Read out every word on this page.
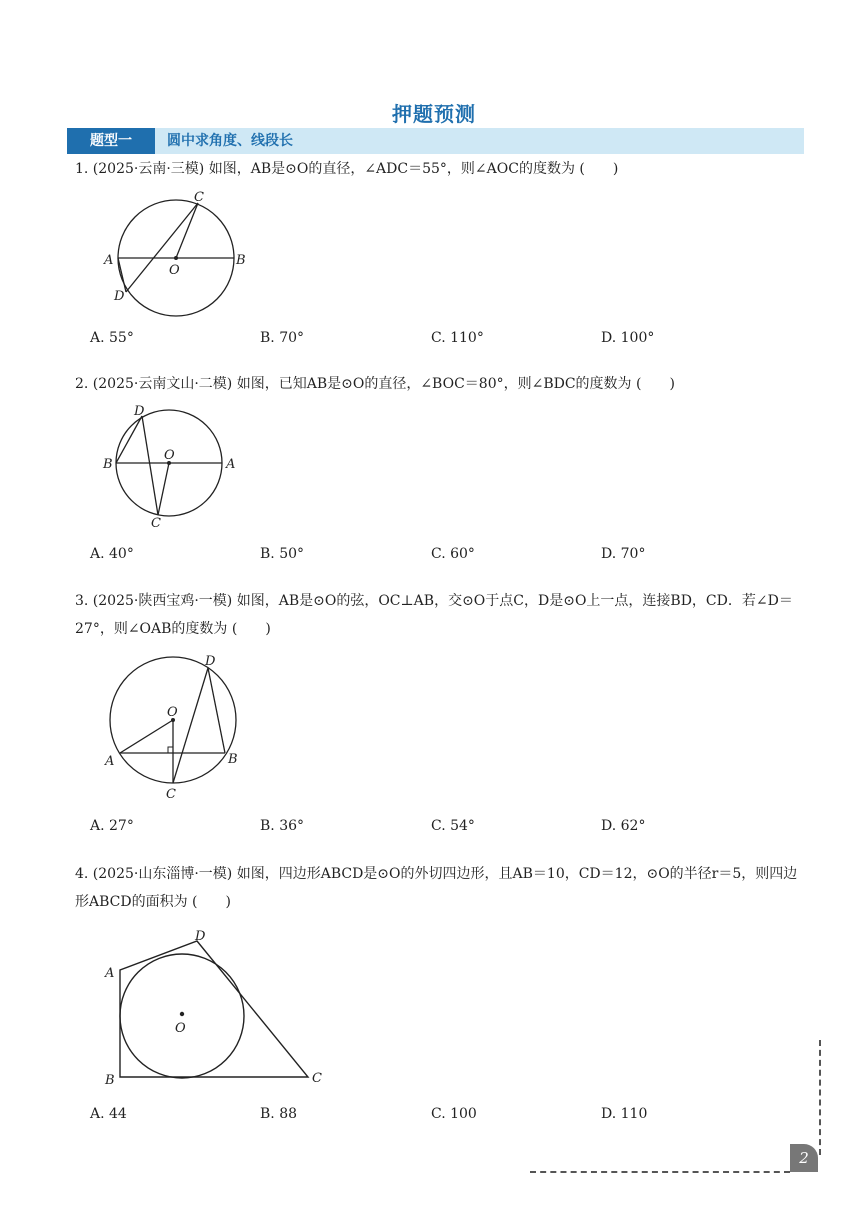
押题预测
题型一	圆中求角度、线段长
1. (2025·云南·三模) 如图，AB是⊙O的直径，∠ADC＝55°，则∠AOC的度数为 (　　)
C
A	B
O
D
A. 55°	B. 70°	C. 110°	D. 100°
2. (2025·云南文山·二模) 如图，已知AB是⊙O的直径，∠BOC＝80°，则∠BDC的度数为 (　　)
D
O
B	A
C
A. 40°	B. 50°	C. 60°	D. 70°
3. (2025·陕西宝鸡·一模) 如图，AB是⊙O的弦，OC⊥AB，交⊙O于点C，D是⊙O上一点，连接BD，CD．若∠D＝27°，则∠OAB的度数为 (　　)
D
O
A	B
C
A. 27°	B. 36°	C. 54°	D. 62°
4. (2025·山东淄博·一模) 如图，四边形ABCD是⊙O的外切四边形，且AB＝10，CD＝12，⊙O的半径r＝5，则四边形ABCD的面积为 (　　)
D
A
O
B	C
A. 44	B. 88	C. 100	D. 110
2
